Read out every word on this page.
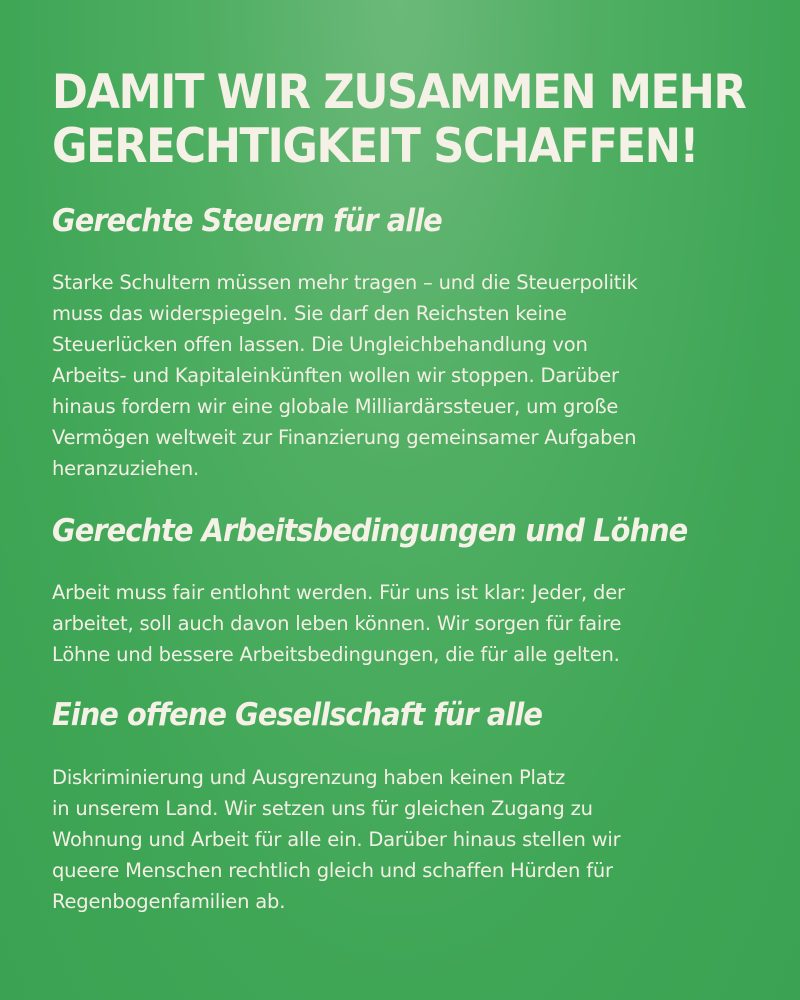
DAMIT WIR ZUSAMMEN MEHR
GERECHTIGKEIT SCHAFFEN!
Gerechte Steuern für alle

Starke Schultern müssen mehr tragen – und die Steuerpolitik
muss das widerspiegeln. Sie darf den Reichsten keine
Steuerlücken offen lassen. Die Ungleichbehandlung von
Arbeits- und Kapitaleinkünften wollen wir stoppen. Darüber
hinaus fordern wir eine globale Milliardärssteuer, um große
Vermögen weltweit zur Finanzierung gemeinsamer Aufgaben
heranzuziehen.

Gerechte Arbeitsbedingungen und Löhne

Arbeit muss fair entlohnt werden. Für uns ist klar: Jeder, der
arbeitet, soll auch davon leben können. Wir sorgen für faire
Löhne und bessere Arbeitsbedingungen, die für alle gelten.

Eine offene Gesellschaft für alle

Diskriminierung und Ausgrenzung haben keinen Platz
in unserem Land. Wir setzen uns für gleichen Zugang zu
Wohnung und Arbeit für alle ein. Darüber hinaus stellen wir
queere Menschen rechtlich gleich und schaffen Hürden für
Regenbogenfamilien ab.
